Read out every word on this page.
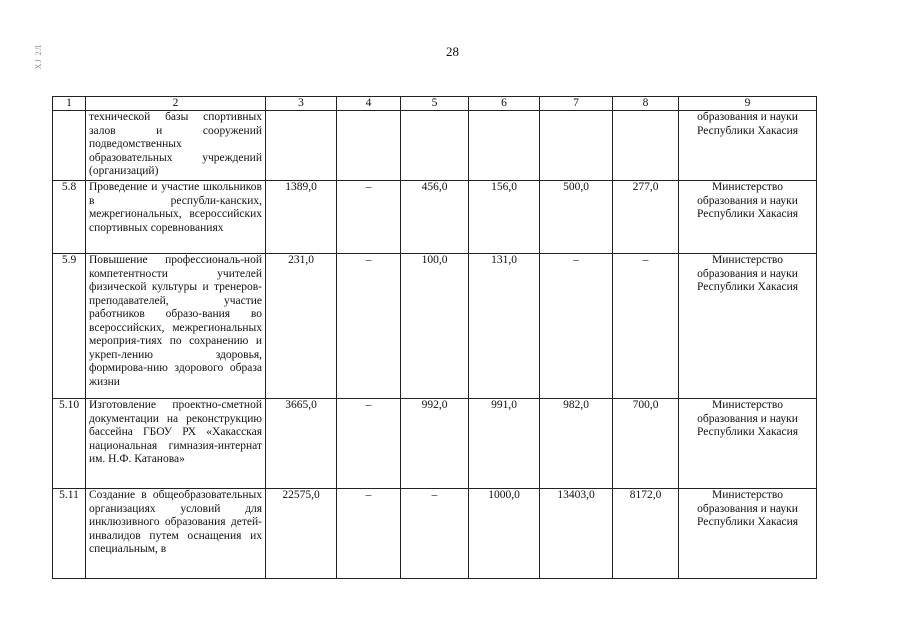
ХЈ 2Л	28
1	2	3	4	5	6	7	8	9
	технической базы спортивных залов и сооружений подведомственных образовательных учреждений (организаций)							образования и науки Республики Хакасия
5.8	Проведение и участие школьников в республи-канских, межрегиональных, всероссийских спортивных соревнованиях	1389,0	–	456,0	156,0	500,0	277,0	Министерство образования и науки Республики Хакасия
5.9	Повышение профессиональ-ной компетентности учителей физической культуры и тренеров-преподавателей, участие работников образо-вания во всероссийских, межрегиональных мероприя-тиях по сохранению и укреп-лению здоровья, формирова-нию здорового образа жизни	231,0	–	100,0	131,0	–	–	Министерство образования и науки Республики Хакасия
5.10	Изготовление проектно-сметной документации на реконструкцию бассейна ГБОУ РХ «Хакасская национальная гимназия-интернат им. Н.Ф. Катанова»	3665,0	–	992,0	991,0	982,0	700,0	Министерство образования и науки Республики Хакасия
5.11	Создание в общеобразовательных организациях условий для инклюзивного образования детей-инвалидов путем оснащения их специальным, в	22575,0	–	–	1000,0	13403,0	8172,0	Министерство образования и науки Республики Хакасия
